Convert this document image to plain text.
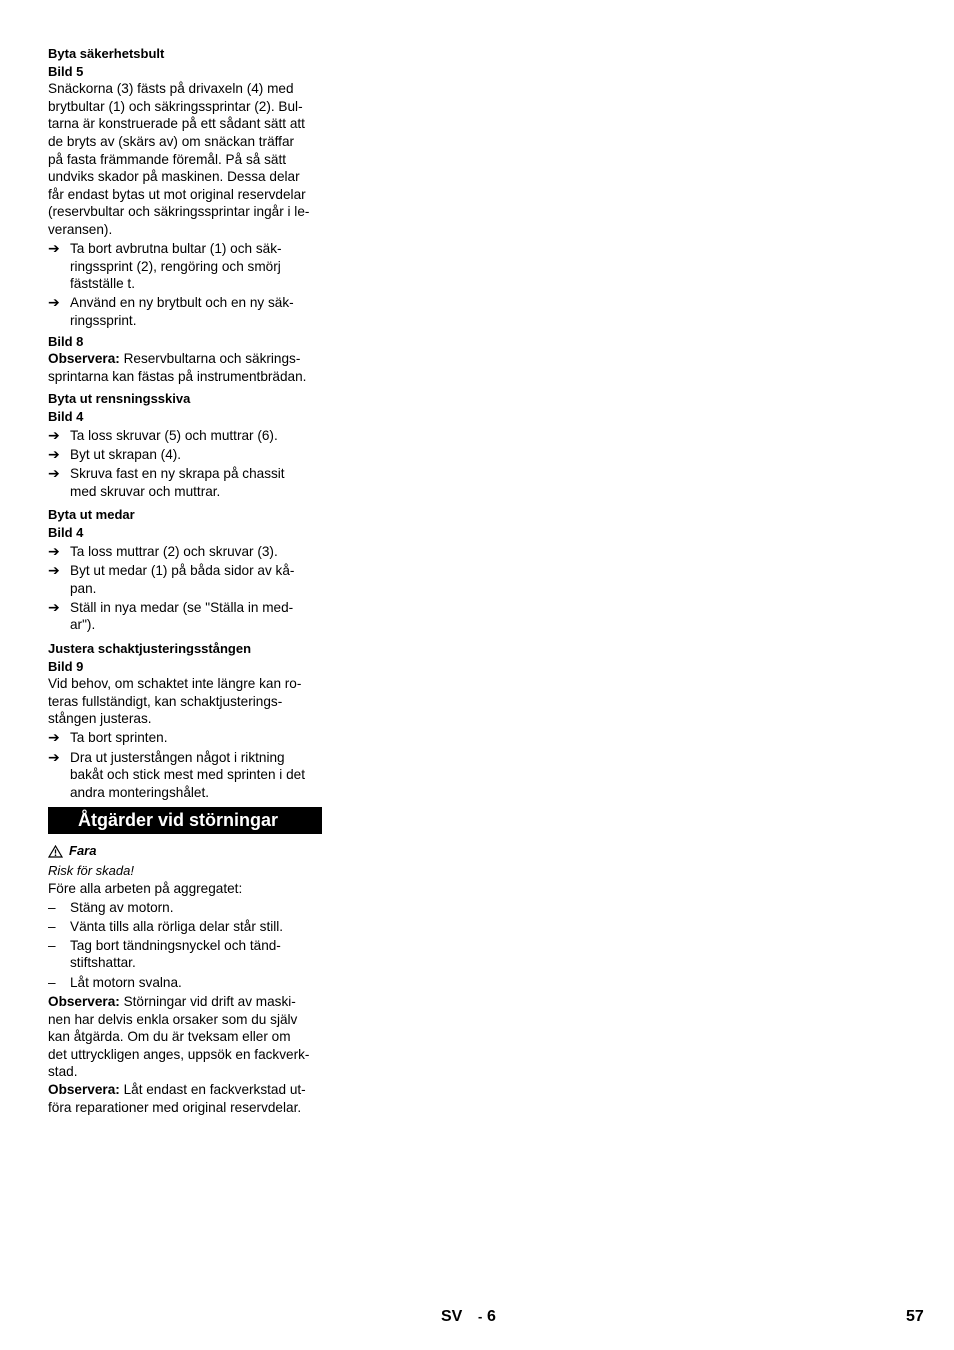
Byta säkerhetsbult

Bild 5

Snäckorna (3) fästs på drivaxeln (4) med
brytbultar (1) och säkringssprintar (2). Bul-
tarna är konstruerade på ett sådant sätt att
de bryts av (skärs av) om snäckan träffar
på fasta främmande föremål. På så sätt
undviks skador på maskinen. Dessa delar
får endast bytas ut mot original reservdelar
(reservbultar och säkringssprintar ingår i le-
veransen).

➔ Ta bort avbrutna bultar (1) och säk-
ringssprint (2), rengöring och smörj
fästställe t.
➔ Använd en ny brytbult och en ny säk-
ringssprint.

Bild 8

Observera: Reservbultarna och säkrings-
sprintarna kan fästas på instrumentbrädan.

Byta ut rensningsskiva

Bild 4

➔ Ta loss skruvar (5) och muttrar (6).
➔ Byt ut skrapan (4).
➔ Skruva fast en ny skrapa på chassit
med skruvar och muttrar.

Byta ut medar

Bild 4

➔ Ta loss muttrar (2) och skruvar (3).
➔ Byt ut medar (1) på båda sidor av kå-
pan.
➔ Ställ in nya medar (se "Ställa in med-
ar").

Justera schaktjusteringsstången

Bild 9

Vid behov, om schaktet inte längre kan ro-
teras fullständigt, kan schaktjusterings-
stången justeras.

➔ Ta bort sprinten.
➔ Dra ut justerstången något i riktning
bakåt och stick mest med sprinten i det
andra monteringshålet.
Åtgärder vid störningar
Fara

Risk för skada!

Före alla arbeten på aggregatet:

–	Stäng av motorn.
–	Vänta tills alla rörliga delar står still.
–	Tag bort tändningsnyckel och tänd-
stiftshattar.
–	Låt motorn svalna.

Observera: Störningar vid drift av maski-
nen har delvis enkla orsaker som du själv
kan åtgärda. Om du är tveksam eller om
det uttryckligen anges, uppsök en fackverk-
stad.

Observera: Låt endast en fackverkstad ut-
föra reparationer med original reservdelar.

SV - 6	57
